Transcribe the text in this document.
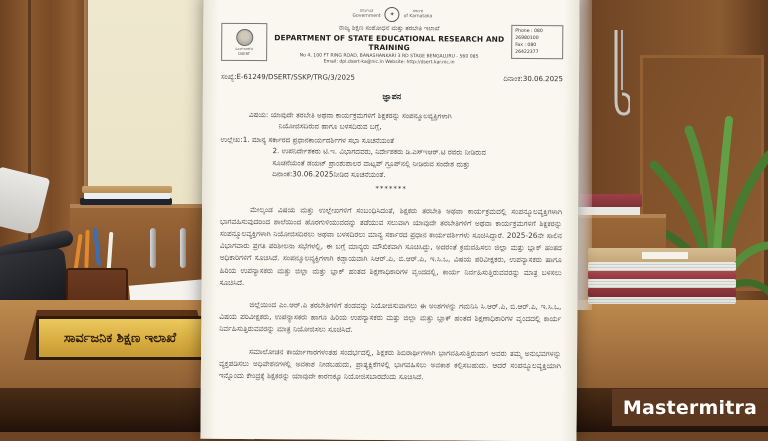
ಸಾರ್ವಜನಿಕ ಶಿಕ್ಷಣ ಇಲಾಖೆ
ಕರ್ನಾಟಕ
Government	✦	ಸರ್ಕಾರ
of Karnataka
ಡಿಎಸ್‌ಇಆರ್‌ಟಿ
DSERT
ರಾಜ್ಯ ಶಿಕ್ಷಣ ಸಂಶೋಧನೆ ಮತ್ತು ತರಬೇತಿ ಇಲಾಖೆ
DEPARTMENT OF STATE EDUCATIONAL RESEARCH AND TRAINING
No 4, 100 FT RING ROAD, BANASHANKARI 3 RD STAGE BENGALURU - 560 085
Email: dpi.dsert-ka@nic.in Website: http://dsert.kar.nic.in
Phone : 080
26980100
Fax : 080
26422377
ಸಂಖ್ಯೆ:E-61249/DSERT/SSKP/TRG/3/2025	ದಿನಾಂಕ:30.06.2025
ಜ್ಞಾಪನ
ವಿಷಯ: ಯಾವುದೇ ತರಬೇತಿ ಅಥವಾ ಕಾರ್ಯಕ್ರಮಗಳಿಗೆ ಶಿಕ್ಷಕರನ್ನು ಸಂಪನ್ಮೂಲವ್ಯಕ್ತಿಗಳಾಗಿ
ನಿಯೋಜಿಸದಿರುವ ಹಾಗೂ ಬಳಸದಿರುವ ಬಗ್ಗೆ,
ಉಲ್ಲೇಖ:1. ಮಾನ್ಯ ಸರ್ಕಾರದ ಪ್ರಧಾನಕಾರ್ಯದರ್ಶಿಗಳ ಸಭಾ ಸೂಚನೆಯಂತೆ
2. ಉಪನಿರ್ದೇಶಕರು ಟಿ.ಇ. ವಿಭಾಗದವರು, ನಿರ್ದೇಶಕರು ಡಿ.ಎಸ್‌ಇಆರ್.ಟಿ ರವರು ನೀಡಿರುವ ಸೂಚನೆಯಂತೆ ಡಯಟ್ ಪ್ರಾಂಶುಪಾಲರ ವಾಟ್ಸಪ್ ಗ್ರೂಪ್‌ನಲ್ಲಿ ನೀಡಿರುವ ಸಂದೇಶ ಮತ್ತು ದಿನಾಂಕ:30.06.2025ನೀಡಿದ ಸೂಚನೆಯಂತೆ.
*******

ಮೇಲ್ಕಂಡ ವಿಷಯ ಮತ್ತು ಉಲ್ಲೇಖಗಳಿಗೆ ಸಂಬಂಧಿಸಿದಂತೆ, ಶಿಕ್ಷಕರು ತರಬೇತಿ ಅಥವಾ ಕಾರ್ಯಕ್ರಮದಲ್ಲಿ ಸಂಪನ್ಮೂಲವ್ಯಕ್ತಿಗಳಾಗಿ ಭಾಗವಹಿಸುವುದರಿಂದ ಶಾಲೆಯಿಂದ ಹೊರಗುಳಿಯುವದನ್ನು ತಡೆಯುವ ಸಲುವಾಗಿ ಯಾವುದೇ ತರಬೇತಿಗಳಿಗೆ ಅಥವಾ ಕಾರ್ಯಕ್ರಮಗಳಿಗೆ ಶಿಕ್ಷಕರನ್ನು ಸಂಪನ್ಮೂಲವ್ಯಕ್ತಿಗಳಾಗಿ ನಿಯೋಜಿಸದಿರಲು ಅಥವಾ ಬಳಸದಿರಲು ಮಾನ್ಯ ಸರ್ಕಾರದ ಪ್ರಧಾನ ಕಾರ್ಯದರ್ಶಿಗಳು ಸೂಚಿಸಿದ್ದಾರೆ. 2025-26ನೇ ಸಾಲಿನ ವಿಭಾಗವಾರು ಪ್ರಗತಿ ಪರಿಶೀಲನಾ ಸಭೆಗಳಲ್ಲಿ, ಈ ಬಗ್ಗೆ ಮಾನ್ಯರು ಮೌಖಿಕವಾಗಿ ಸೂಚಿಸಿದ್ದು, ಅದರಂತೆ ಕ್ರಮವಹಿಸಲು ಜಿಲ್ಲಾ ಮತ್ತು ಬ್ಲಾಕ್ ಹಂತದ ಅಧಿಕಾರಿಗಳಿಗೆ ಸೂಚಿಸಿದೆ. ಸಂಪನ್ಮೂಲವ್ಯಕ್ತಿಗಳಾಗಿ ಕಡ್ಡಾಯವಾಗಿ ಸಿಆರ್.ಪಿ, ಬಿ.ಆರ್.ಪಿ, ಇ.ಸಿ.ಒ, ವಿಷಯ ಪರಿವೀಕ್ಷಕರು, ಉಪನ್ಯಾಸಕರು ಹಾಗೂ ಹಿರಿಯ ಉಪನ್ಯಾಸಕರು ಮತ್ತು ಜಿಲ್ಲಾ ಮತ್ತು ಬ್ಲಾಕ್ ಹಂತದ ಶಿಕ್ಷಣಾಧಿಕಾರಿಗಳ ವೃಂದದಲ್ಲಿ, ಕಾರ್ಯ ನಿರ್ವಹಿಸುತ್ತಿರುವವರನ್ನು ಮಾತ್ರ ಬಳಸಲು ಸೂಚಿಸಿದೆ.

ಜಿಲ್ಲೆಯಿಂದ ಎಂ.ಆರ್.ಪಿ ತರಬೇತಿಗಳಿಗೆ ತಂಡವನ್ನು ನಿಯೋಜಿಸುವಾಗಲು ಈ ಅಂಶಗಳನ್ನು ಗಮನಿಸಿ ಸಿ.ಆರ್.ಪಿ, ಬಿ.ಆರ್.ಪಿ, ಇ.ಸಿ.ಒ, ವಿಷಯ ಪರಿವೀಕ್ಷಕರು, ಉಪನ್ಯಾಸಕರು ಹಾಗೂ ಹಿರಿಯ ಉಪನ್ಯಾಸಕರು ಮತ್ತು ಜಿಲ್ಲಾ ಮತ್ತು ಬ್ಲಾಕ್ ಹಂತದ ಶಿಕ್ಷಣಾಧಿಕಾರಿಗಳ ವೃಂದದಲ್ಲಿ ಕಾರ್ಯ ನಿರ್ವಹಿಸುತ್ತಿರುವವರನ್ನು ಮಾತ್ರ ನಿಯೋಜಿಸಲು ಸೂಚಿಸಿದೆ.

ಸಮಾಲೋಚನ ಕಾರ್ಯಾಗಾರಗಳಂತಹ ಸಂದರ್ಭದಲ್ಲಿ, ಶಿಕ್ಷಕರು ಶಿಬಿರಾರ್ಥಿಗಳಾಗಿ ಭಾಗವಹಿಸುತ್ತಿರುವಾಗ ಅವರು ತಮ್ಮ ಅನುಭವಗಳನ್ನು ವ್ಯಕ್ತಪಡಿಸಲು ಅಧಿವೇಶನಗಳಲ್ಲಿ ಅವಕಾಶ ನೀಡಬಹುದು, ಪ್ರಾತ್ಯಕ್ಷಿಕೆಗಳಲ್ಲಿ ಭಾಗವಹಿಸಲು ಅವಕಾಶ ಕಲ್ಪಿಸಬಹುದು. ಆದರೆ ಸಂಪನ್ಮೂಲವ್ಯಕ್ತಿಯಾಗಿ ಇನ್ನೊಂದು ಕೇಂದ್ರಕ್ಕೆ ಶಿಕ್ಷಕರನ್ನು ಯಾವುದೇ ಕಾರಣಕ್ಕೂ ನಿಯೋಜಿಸಬಾರದೆಂದು ಸೂಚಿಸಿದೆ.

Mastermitra
